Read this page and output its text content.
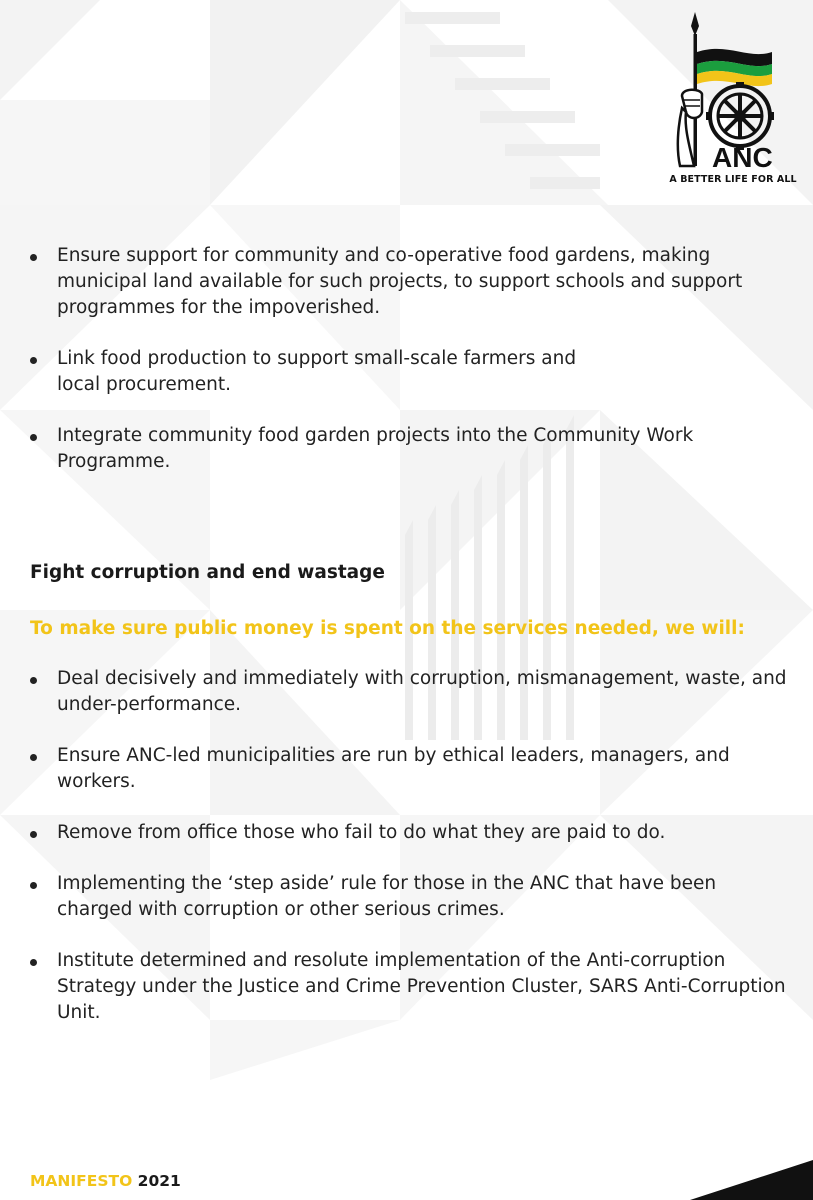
ANC
A BETTER LIFE FOR ALL
Ensure support for community and co-operative food gardens, making municipal land available for such projects, to support schools and support programmes for the impoverished.
Link food production to support small-scale farmers and local procurement.
Integrate community food garden projects into the Community Work Programme.
Fight corruption and end wastage
To make sure public money is spent on the services needed, we will:
Deal decisively and immediately with corruption, mismanagement, waste, and under-performance.
Ensure ANC-led municipalities are run by ethical leaders, managers, and workers.
Remove from office those who fail to do what they are paid to do.
Implementing the ‘step aside’ rule for those in the ANC that have been charged with corruption or other serious crimes.
Institute determined and resolute implementation of the Anti-corruption Strategy under the Justice and Crime Prevention Cluster, SARS Anti-Corruption Unit.
MANIFESTO 2021
